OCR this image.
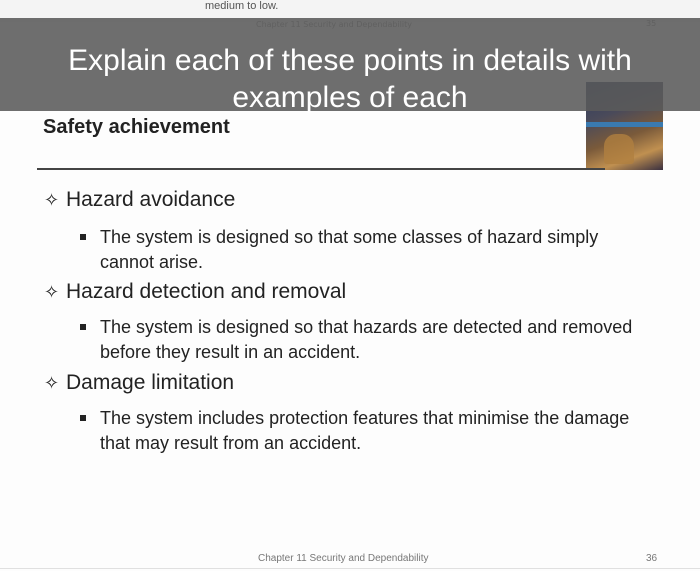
medium to low.
Safety achievement
✧ Hazard avoidance
The system is designed so that some classes of hazard simply cannot arise.
✧ Hazard detection and removal
The system is designed so that hazards are detected and removed before they result in an accident.
✧ Damage limitation
The system includes protection features that minimise the damage that may result from an accident.
Chapter 11 Security and Dependability	36
Explain each of these points in details with examples of each
